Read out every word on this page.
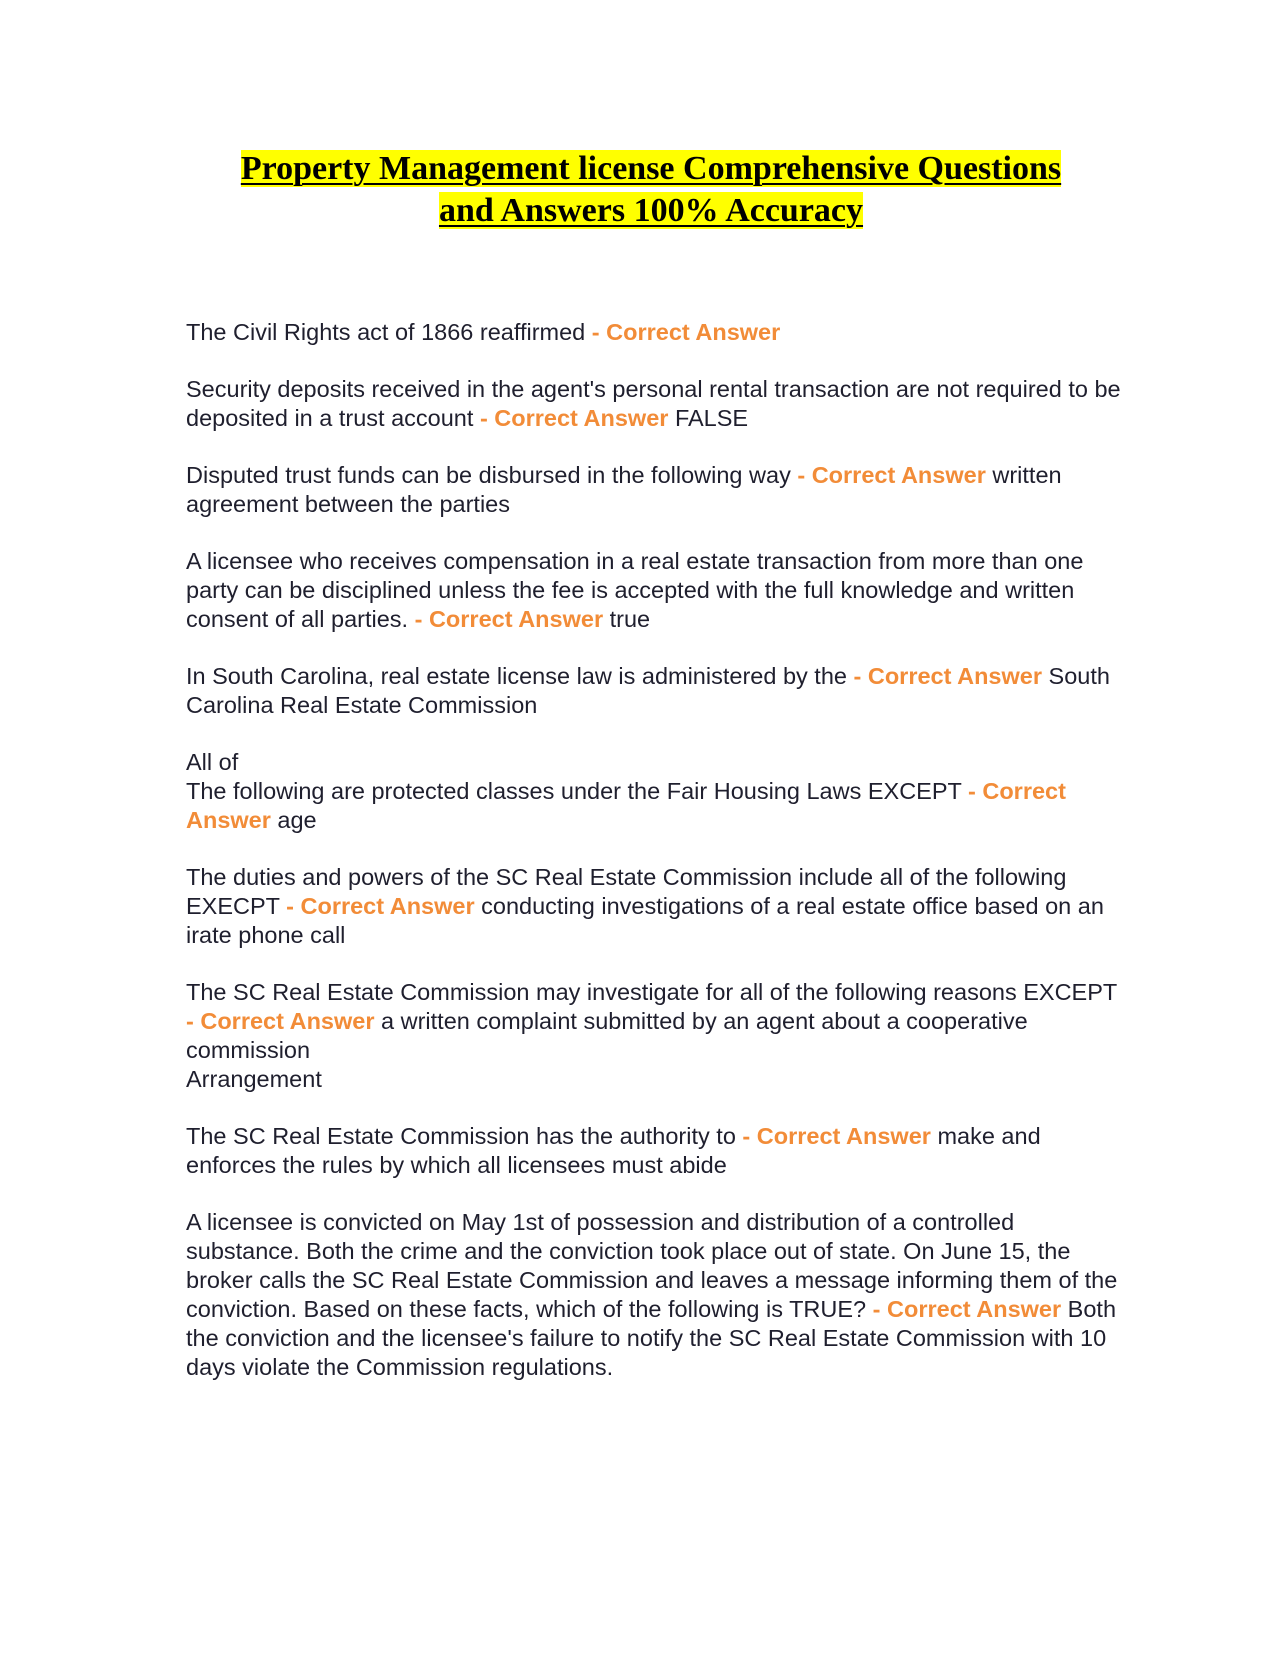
Property Management license Comprehensive Questions
and Answers 100% Accuracy

The Civil Rights act of 1866 reaffirmed - Correct Answer

Security deposits received in the agent's personal rental transaction are not required to be deposited in a trust account - Correct Answer FALSE

Disputed trust funds can be disbursed in the following way - Correct Answer written agreement between the parties

A licensee who receives compensation in a real estate transaction from more than one party can be disciplined unless the fee is accepted with the full knowledge and written consent of all parties. - Correct Answer true

In South Carolina, real estate license law is administered by the - Correct Answer South Carolina Real Estate Commission

All of
The following are protected classes under the Fair Housing Laws EXCEPT - Correct Answer age

The duties and powers of the SC Real Estate Commission include all of the following EXECPT - Correct Answer conducting investigations of a real estate office based on an irate phone call

The SC Real Estate Commission may investigate for all of the following reasons EXCEPT - Correct Answer a written complaint submitted by an agent about a cooperative commission
Arrangement

The SC Real Estate Commission has the authority to - Correct Answer make and enforces the rules by which all licensees must abide

A licensee is convicted on May 1st of possession and distribution of a controlled substance. Both the crime and the conviction took place out of state. On June 15, the broker calls the SC Real Estate Commission and leaves a message informing them of the conviction. Based on these facts, which of the following is TRUE? - Correct Answer Both the conviction and the licensee's failure to notify the SC Real Estate Commission with 10 days violate the Commission regulations.
